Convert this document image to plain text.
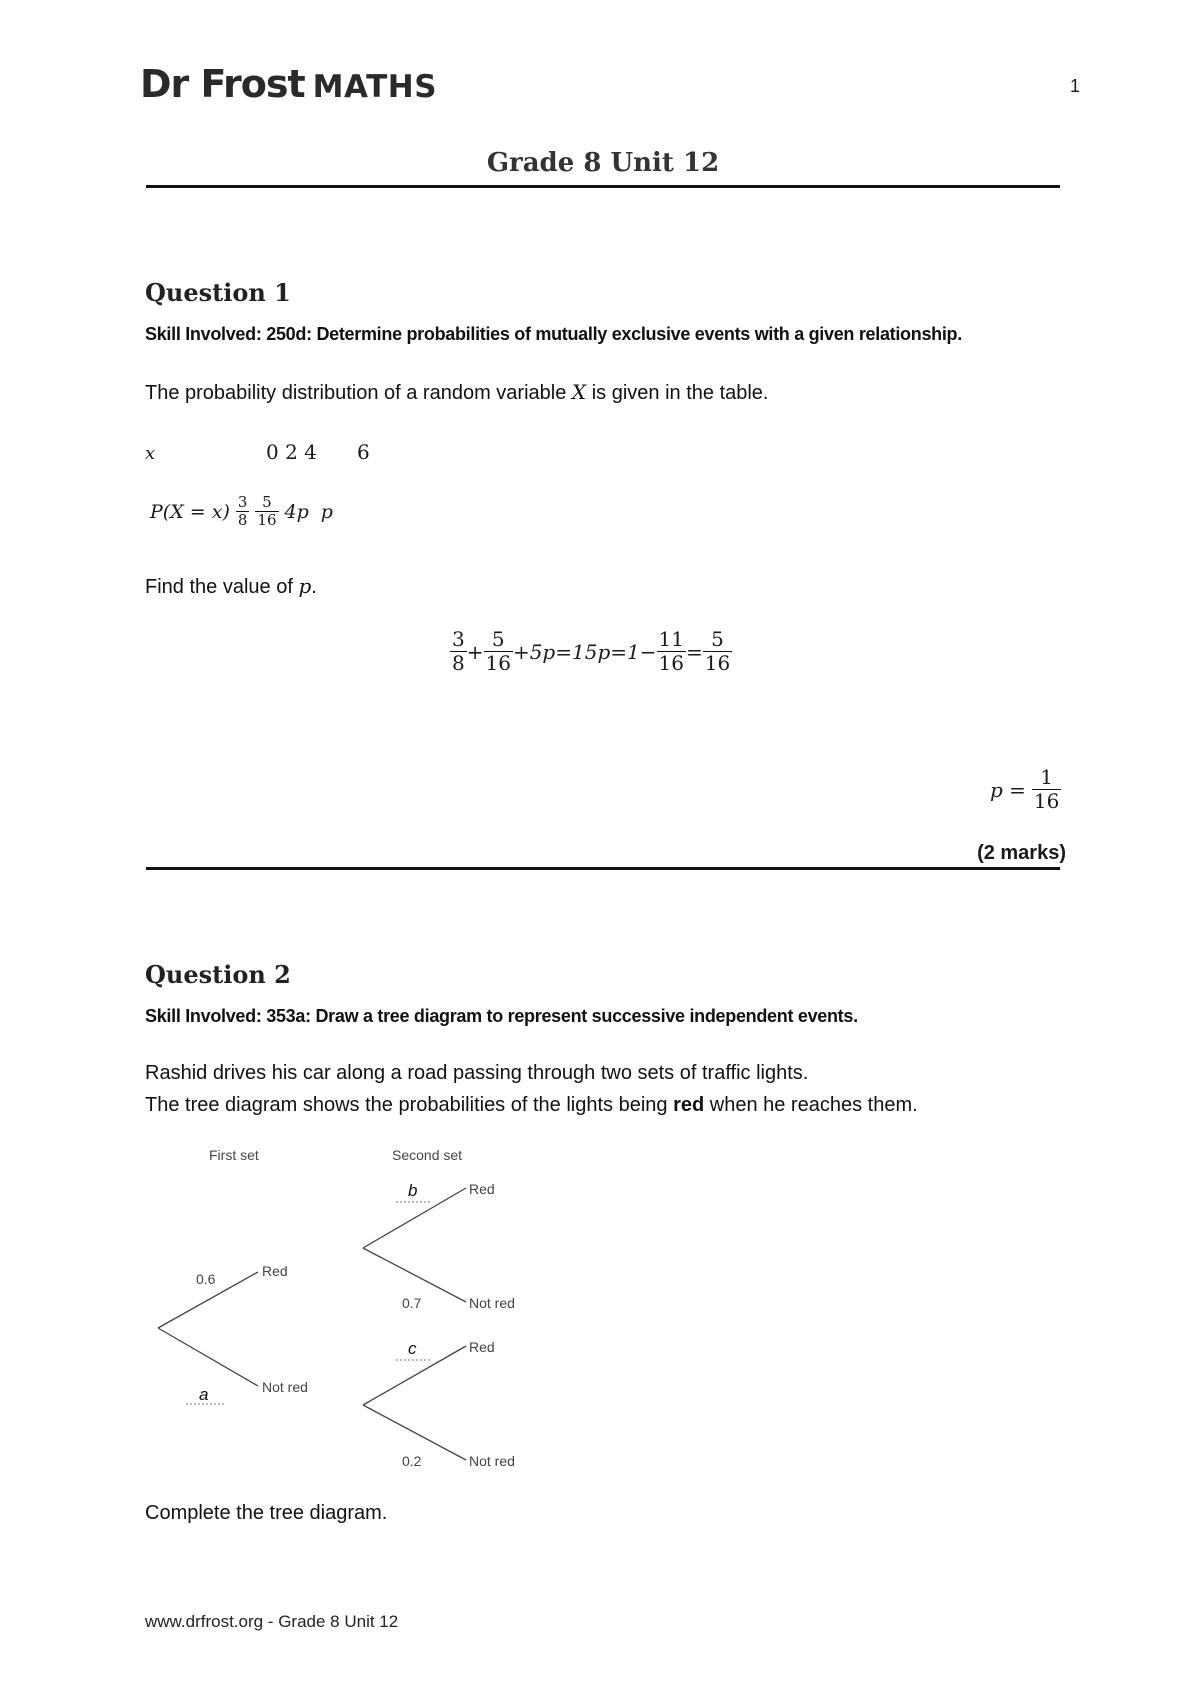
Dr Frost MATHS	1
Grade 8 Unit 12
Question 1
Skill Involved: 250d: Determine probabilities of mutually exclusive events with a given relationship.
The probability distribution of a random variable X is given in the table.
x	0 2 4 6
$P(X = x) \frac{3}{8} \frac{5}{16} 4p$ p
Find the value of p.
$\frac{3}{8} + \frac{5}{16} +5p=15p=1- \frac{11}{16} = \frac{5}{16}$
$p = \frac{1}{16}$
(2 marks)
Question 2
Skill Involved: 353a: Draw a tree diagram to represent successive independent events.
Rashid drives his car along a road passing through two sets of traffic lights.
The tree diagram shows the probabilities of the lights being red when he reaches them.
First set	Second set
0.6	Red
Not red
Red
0.7	Not red
Red
0.2	Not red
a
b
c
Complete the tree diagram.
www.drfrost.org - Grade 8 Unit 12
